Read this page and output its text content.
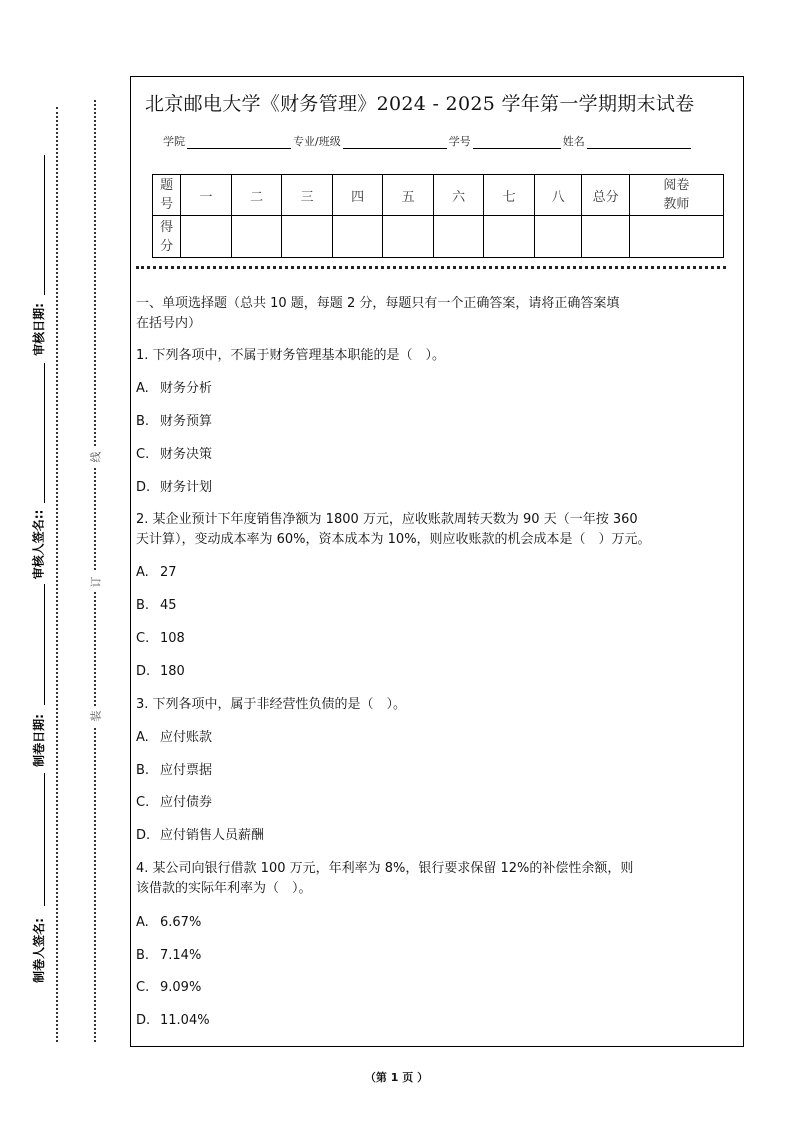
审核日期:
审核人签名::
制卷日期:
制卷人签名:
线
订
装
北京邮电大学《财务管理》2024 - 2025 学年第一学期期末试卷
学院	专业/班级	学号	姓名
题号	一	二	三	四	五	六	七	八	总分	阅卷教师
得分										
一、单项选择题（总共 10 题，每题 2 分，每题只有一个正确答案，请将正确答案填
在括号内）
1. 下列各项中，不属于财务管理基本职能的是（　）。
A. 财务分析
B. 财务预算
C. 财务决策
D. 财务计划
2. 某企业预计下年度销售净额为 1800 万元，应收账款周转天数为 90 天（一年按 360
天计算），变动成本率为 60%，资本成本为 10%，则应收账款的机会成本是（　）万元。
A. 27
B. 45
C. 108
D. 180
3. 下列各项中，属于非经营性负债的是（　）。
A. 应付账款
B. 应付票据
C. 应付债券
D. 应付销售人员薪酬
4. 某公司向银行借款 100 万元，年利率为 8%，银行要求保留 12%的补偿性余额，则
该借款的实际年利率为（　）。
A. 6.67%
B. 7.14%
C. 9.09%
D. 11.04%
（第 1 页 ）
